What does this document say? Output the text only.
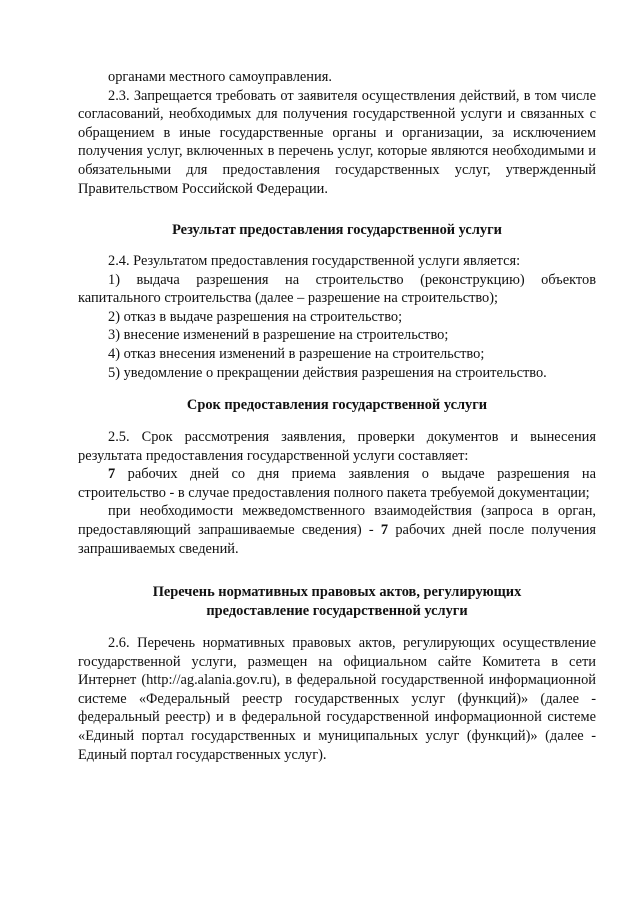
органами местного самоуправления.

2.3. Запрещается требовать от заявителя осуществления действий, в том числе согласований, необходимых для получения государственной услуги и связанных с обращением в иные государственные органы и организации, за исключением получения услуг, включенных в перечень услуг, которые являются необходимыми и обязательными для предоставления государственных услуг, утвержденный Правительством Российской Федерации.

Результат предоставления государственной услуги

2.4. Результатом предоставления государственной услуги является:

1) выдача разрешения на строительство (реконструкцию) объектов капитального строительства (далее – разрешение на строительство);

2) отказ в выдаче разрешения на строительство;

3) внесение изменений в разрешение на строительство;

4) отказ внесения изменений в разрешение на строительство;

5) уведомление о прекращении действия разрешения на строительство.

Срок предоставления государственной услуги

2.5. Срок рассмотрения заявления, проверки документов и вынесения результата предоставления государственной услуги составляет:

7 рабочих дней со дня приема заявления о выдаче разрешения на строительство - в случае предоставления полного пакета требуемой документации;

при необходимости межведомственного взаимодействия (запроса в орган, предоставляющий запрашиваемые сведения) - 7 рабочих дней после получения запрашиваемых сведений.

Перечень нормативных правовых актов, регулирующих

предоставление государственной услуги

2.6. Перечень нормативных правовых актов, регулирующих осуществление государственной услуги, размещен на официальном сайте Комитета в сети Интернет (http://ag.alania.gov.ru), в федеральной государственной информационной системе «Федеральный реестр государственных услуг (функций)» (далее - федеральный реестр) и в федеральной государственной информационной системе «Единый портал государственных и муниципальных услуг (функций)» (далее - Единый портал государственных услуг).
